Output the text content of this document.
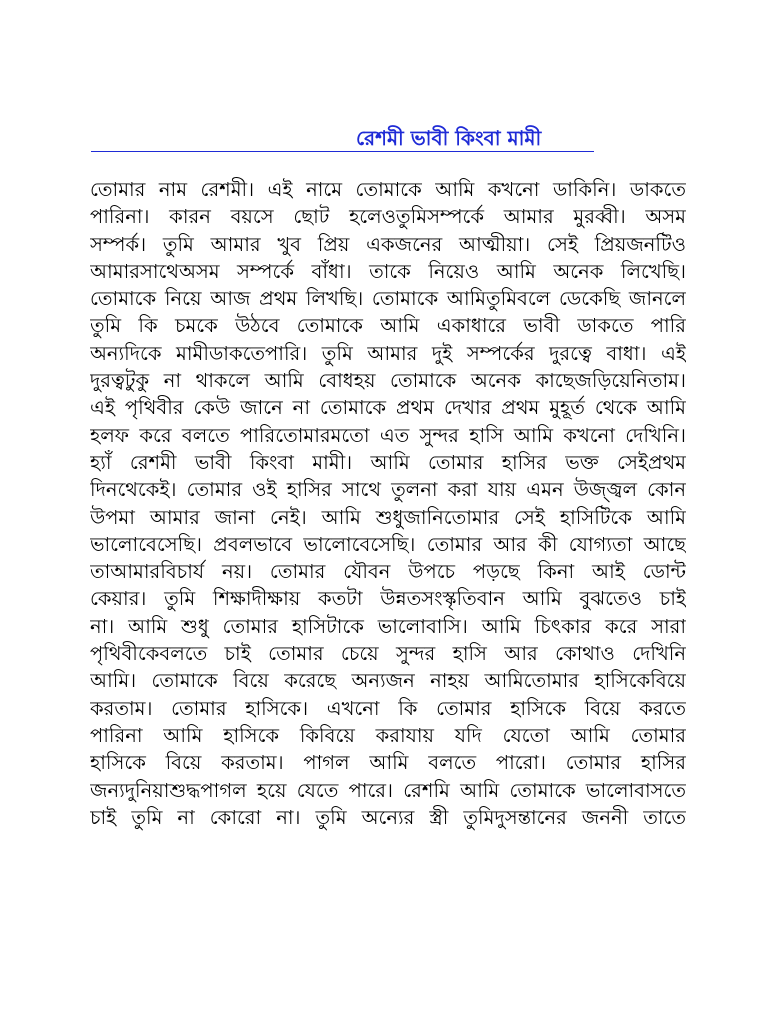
রেশমী ভাবী কিংবা মামী
তোমার নাম রেশমী। এই নামে তোমাকে আমি কখনো ডাকিনি। ডাকতে
পারিনা। কারন বয়সে ছোট হলেওতুমিসম্পর্কে আমার মুরব্বী। অসম
সম্পর্ক। তুমি আমার খুব প্রিয় একজনের আত্মীয়া। সেই প্রিয়জনটিও
আমারসাথেঅসম সম্পর্কে বাঁধা। তাকে নিয়েও আমি অনেক লিখেছি।
তোমাকে নিয়ে আজ প্রথম লিখছি। তোমাকে আমিতুমিবলে ডেকেছি জানলে
তুমি কি চমকে উঠবে তোমাকে আমি একাধারে ভাবী ডাকতে পারি
অন্যদিকে মামীডাকতেপারি। তুমি আমার দুই সম্পর্কের দুরত্বে বাধা। এই
দুরত্বটুকু না থাকলে আমি বোধহয় তোমাকে অনেক কাছেজড়িয়েনিতাম।
এই পৃথিবীর কেউ জানে না তোমাকে প্রথম দেখার প্রথম মুহূর্ত থেকে আমি
হলফ করে বলতে পারিতোমারমতো এত সুন্দর হাসি আমি কখনো দেখিনি।
হ্যাঁ রেশমী ভাবী কিংবা মামী। আমি তোমার হাসির ভক্ত সেইপ্রথম
দিনথেকেই। তোমার ওই হাসির সাথে তুলনা করা যায় এমন উজ্জ্বল কোন
উপমা আমার জানা নেই। আমি শুধুজানিতোমার সেই হাসিটিকে আমি
ভালোবেসেছি। প্রবলভাবে ভালোবেসেছি। তোমার আর কী যোগ্যতা আছে
তাআমারবিচার্য নয়। তোমার যৌবন উপচে পড়ছে কিনা আই ডোন্ট
কেয়ার। তুমি শিক্ষাদীক্ষায় কতটা উন্নতসংস্কৃতিবান আমি বুঝতেও চাই
না। আমি শুধু তোমার হাসিটাকে ভালোবাসি। আমি চিৎকার করে সারা
পৃথিবীকেবলতে চাই তোমার চেয়ে সুন্দর হাসি আর কোথাও দেখিনি
আমি। তোমাকে বিয়ে করেছে অন্যজন নাহয় আমিতোমার হাসিকেবিয়ে
করতাম। তোমার হাসিকে। এখনো কি তোমার হাসিকে বিয়ে করতে
পারিনা আমি হাসিকে কিবিয়ে করাযায় যদি যেতো আমি তোমার
হাসিকে বিয়ে করতাম। পাগল আমি বলতে পারো। তোমার হাসির
জন্যদুনিয়াশুদ্ধপাগল হয়ে যেতে পারে। রেশমি আমি তোমাকে ভালোবাসতে
চাই তুমি না কোরো না। তুমি অন্যের স্ত্রী তুমিদুসন্তানের জননী তাতে
